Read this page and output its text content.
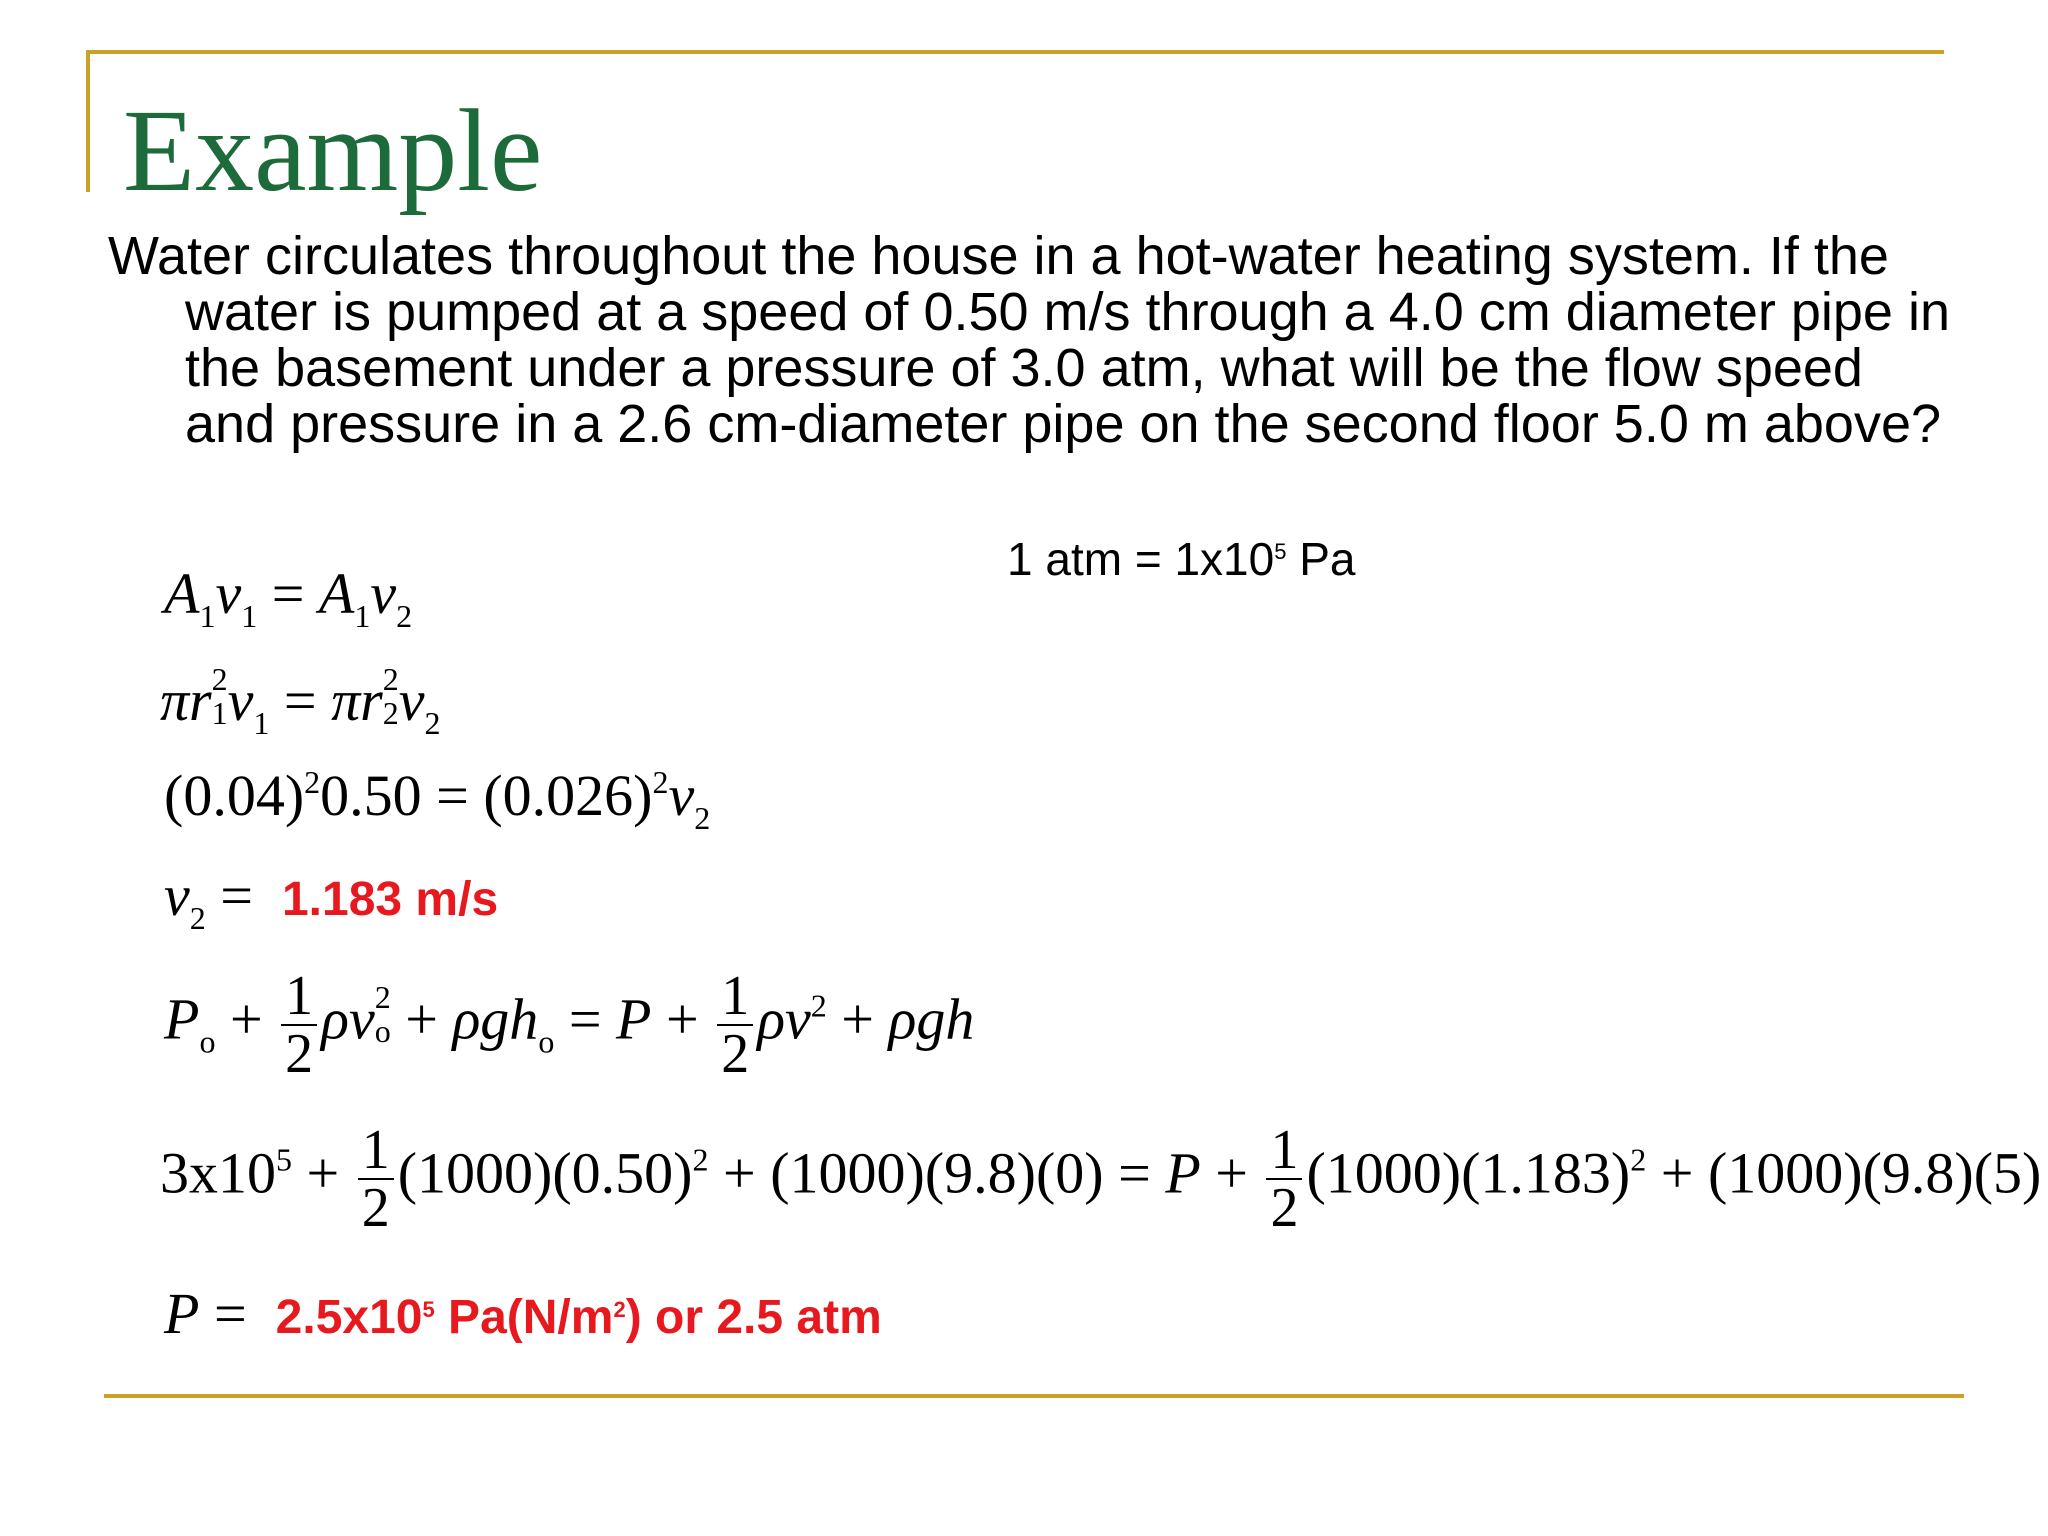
Example

Water circulates throughout the house in a hot-water heating system. If the water is pumped at a speed of 0.50 m/s through a 4.0 cm diameter pipe in the basement under a pressure of 3.0 atm, what will be the flow speed and pressure in a 2.6 cm-diameter pipe on the second floor 5.0 m above?

1 atm = $1x10^5$ Pa
$A_1v_1 = A_1v_2$
πr 2
1 $v_1 = \pi r$ 2
2 $v_2$
$(0.04)^20.50 = (0.026)^2v_2$
$v_2 = 1.183$ m/s
$P_o + \frac{1}{2}$ ρv 2
$o + \rho gh_o = P + \frac{1}{2} \rho v^2 + \rho gh$
$3x10^5 + \frac{1}{2} (1000)(0.50)^2 + (1000)(9.8)(0) = P + \frac{1}{2} (1000)(1.183)^2 + (1000)(9.8)(5)$
$P = 2.5x10^5$ $Pa(N/m^2)$ or 2.5 atm
